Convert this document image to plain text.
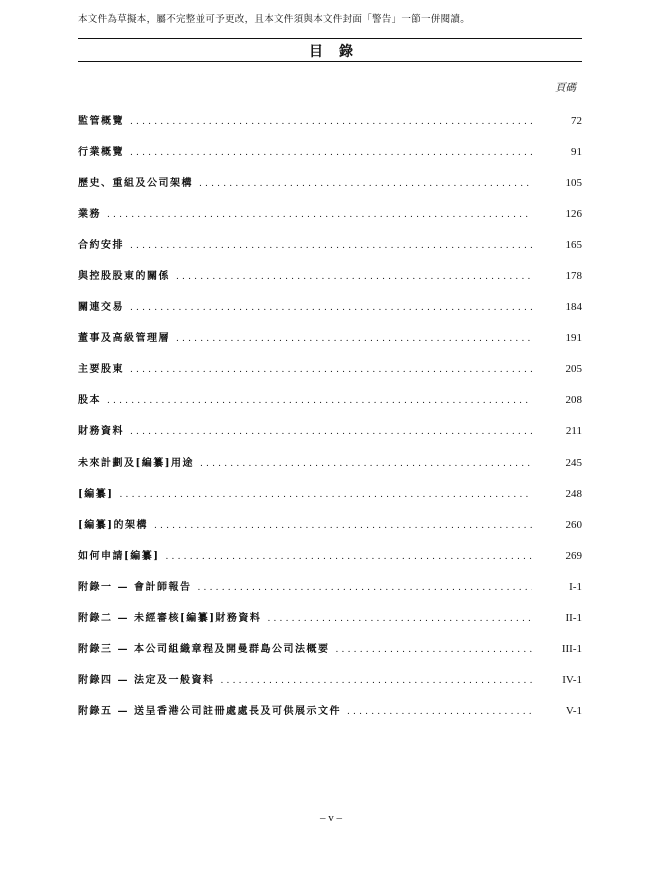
本文件為草擬本，屬不完整並可予更改，且本文件須與本文件封面「警告」一節一併閱讀。
目錄
頁碼
監管概覽 .....	72
行業概覽 .....	91
歷史、重組及公司架構 .....	105
業務 .....	126
合約安排 .....	165
與控股股東的關係 .....	178
關連交易 .....	184
董事及高級管理層 .....	191
主要股東 .....	205
股本 .....	208
財務資料 .....	211
未來計劃及[編纂]用途 .....	245
[編纂] .....	248
[編纂]的架構 .....	260
如何申請[編纂] .....	269
附錄一 — 會計師報告 .....	I-1
附錄二 — 未經審核[編纂]財務資料 .....	II-1
附錄三 — 本公司組織章程及開曼群島公司法概要 .....	III-1
附錄四 — 法定及一般資料 .....	IV-1
附錄五 — 送呈香港公司註冊處處長及可供展示文件 .....	V-1
– v –
